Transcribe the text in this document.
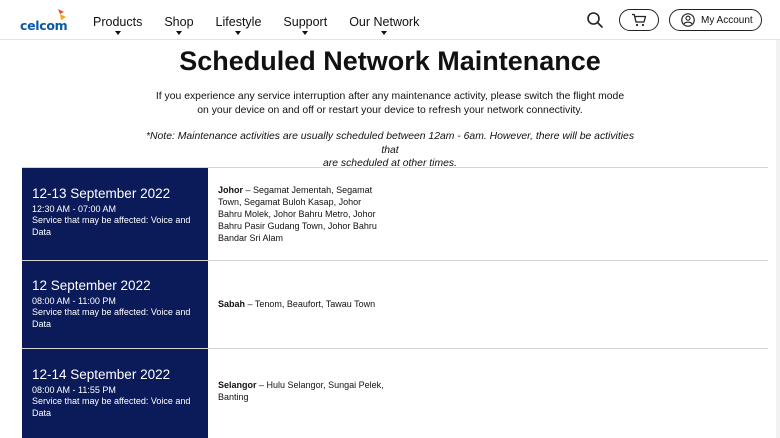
celcom Products Shop Lifestyle Support Our Network	My Account
Scheduled Network Maintenance
If you experience any service interruption after any maintenance activity, please switch the flight mode
on your device on and off or restart your device to refresh your network connectivity.
*Note: Maintenance activities are usually scheduled between 12am - 6am. However, there will be activities that
are scheduled at other times.
12-13 September 2022
12:30 AM - 07:00 AM
Service that may be affected: Voice and
Data
Johor – Segamat Jementah, Segamat
Town, Segamat Buloh Kasap, Johor
Bahru Molek, Johor Bahru Metro, Johor
Bahru Pasir Gudang Town, Johor Bahru
Bandar Sri Alam
12 September 2022
08:00 AM - 11:00 PM
Service that may be affected: Voice and
Data
Sabah – Tenom, Beaufort, Tawau Town
12-14 September 2022
08:00 AM - 11:55 PM
Service that may be affected: Voice and
Data
Selangor – Hulu Selangor, Sungai Pelek,
Banting
